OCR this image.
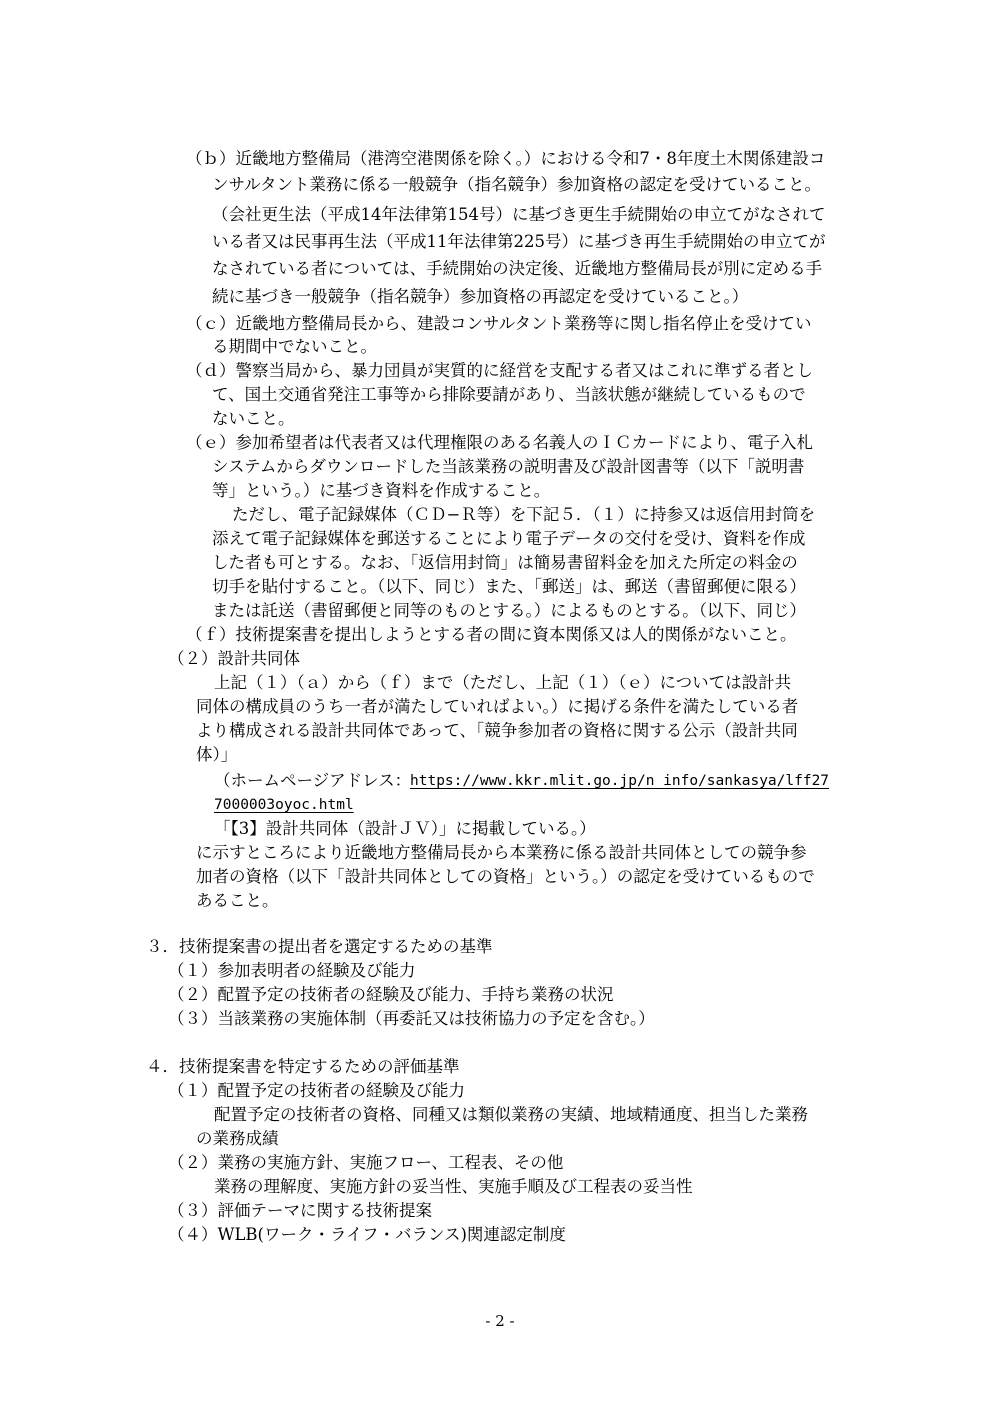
（ｂ）近畿地方整備局（港湾空港関係を除く。）における令和7・8年度土木関係建設コ
ンサルタント業務に係る一般競争（指名競争）参加資格の認定を受けていること。
（会社更生法（平成14年法律第154号）に基づき更生手続開始の申立てがなされて
いる者又は民事再生法（平成11年法律第225号）に基づき再生手続開始の申立てが
なされている者については、手続開始の決定後、近畿地方整備局長が別に定める手
続に基づき一般競争（指名競争）参加資格の再認定を受けていること。）
（ｃ）近畿地方整備局長から、建設コンサルタント業務等に関し指名停止を受けてい
る期間中でないこと。
（ｄ）警察当局から、暴力団員が実質的に経営を支配する者又はこれに準ずる者とし
て、国土交通省発注工事等から排除要請があり、当該状態が継続しているもので
ないこと。
（ｅ）参加希望者は代表者又は代理権限のある名義人のＩＣカードにより、電子入札
システムからダウンロードした当該業務の説明書及び設計図書等（以下「説明書
等」という。）に基づき資料を作成すること。
ただし、電子記録媒体（ＣＤ−Ｒ等）を下記５．（１）に持参又は返信用封筒を
添えて電子記録媒体を郵送することにより電子データの交付を受け、資料を作成
した者も可とする。なお、「返信用封筒」は簡易書留料金を加えた所定の料金の
切手を貼付すること。（以下、同じ）また、「郵送」は、郵送（書留郵便に限る）
または託送（書留郵便と同等のものとする。）によるものとする。（以下、同じ）
（ｆ）技術提案書を提出しようとする者の間に資本関係又は人的関係がないこと。
（２）設計共同体
上記（１）（ａ）から（ｆ）まで（ただし、上記（１）（ｅ）については設計共
同体の構成員のうち一者が満たしていればよい。）に掲げる条件を満たしている者
より構成される設計共同体であって、「競争参加者の資格に関する公示（設計共同
体）」
（ホームページアドレス：
https://www.kkr.mlit.go.jp/n_info/sankasya/lff27
7000003oyoc.html
「【3】設計共同体（設計ＪＶ）」に掲載している。）
に示すところにより近畿地方整備局長から本業務に係る設計共同体としての競争参
加者の資格（以下「設計共同体としての資格」という。）の認定を受けているもので
あること。
３．技術提案書の提出者を選定するための基準
（１）参加表明者の経験及び能力
（２）配置予定の技術者の経験及び能力、手持ち業務の状況
（３）当該業務の実施体制（再委託又は技術協力の予定を含む。）
４．技術提案書を特定するための評価基準
（１）配置予定の技術者の経験及び能力
配置予定の技術者の資格、同種又は類似業務の実績、地域精通度、担当した業務
の業務成績
（２）業務の実施方針、実施フロー、工程表、その他
業務の理解度、実施方針の妥当性、実施手順及び工程表の妥当性
（３）評価テーマに関する技術提案
（４）WLB(ワーク・ライフ・バランス)関連認定制度
- 2 -
